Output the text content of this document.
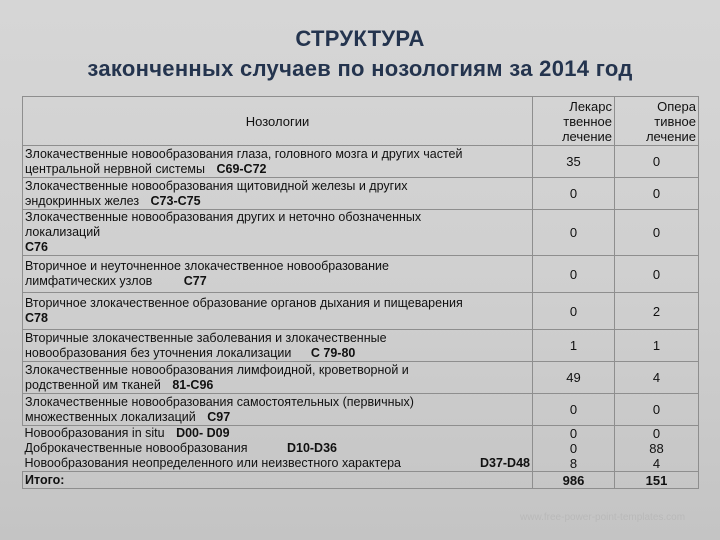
СТРУКТУРА
законченных случаев по нозологиям за 2014 год
Нозологии	Лекарс
твенное
лечение	Опера
тивное
лечение
Злокачественные новообразования глаза, головного мозга и других частей
центральной нервной системы C69-C72	35	0
Злокачественные новообразования щитовидной железы и других
эндокринных желез C73-C75	0	0
Злокачественные новообразования других и неточно обозначенных
локализаций
C76	0	0
Вторичное и неуточненное злокачественное новообразование
лимфатических узлов C77	0	0
Вторичное злокачественное образование органов дыхания и пищеварения
C78	0	2
Вторичные злокачественные заболевания и злокачественные
новообразования без уточнения локализации C 79-80	1	1
Злокачественные новообразования лимфоидной, кроветворной и
родственной им тканей 81-C96	49	4
Злокачественные новообразования самостоятельных (первичных)
множественных локализаций C97	0	0
Новообразования in situ D00- D09	0	0
Доброкачественные новообразования D10-D36	0	88
Новообразования неопределенного или неизвестного характера D37-D48	8	4
Итого:	986	151
www.free-power-point-templates.com
